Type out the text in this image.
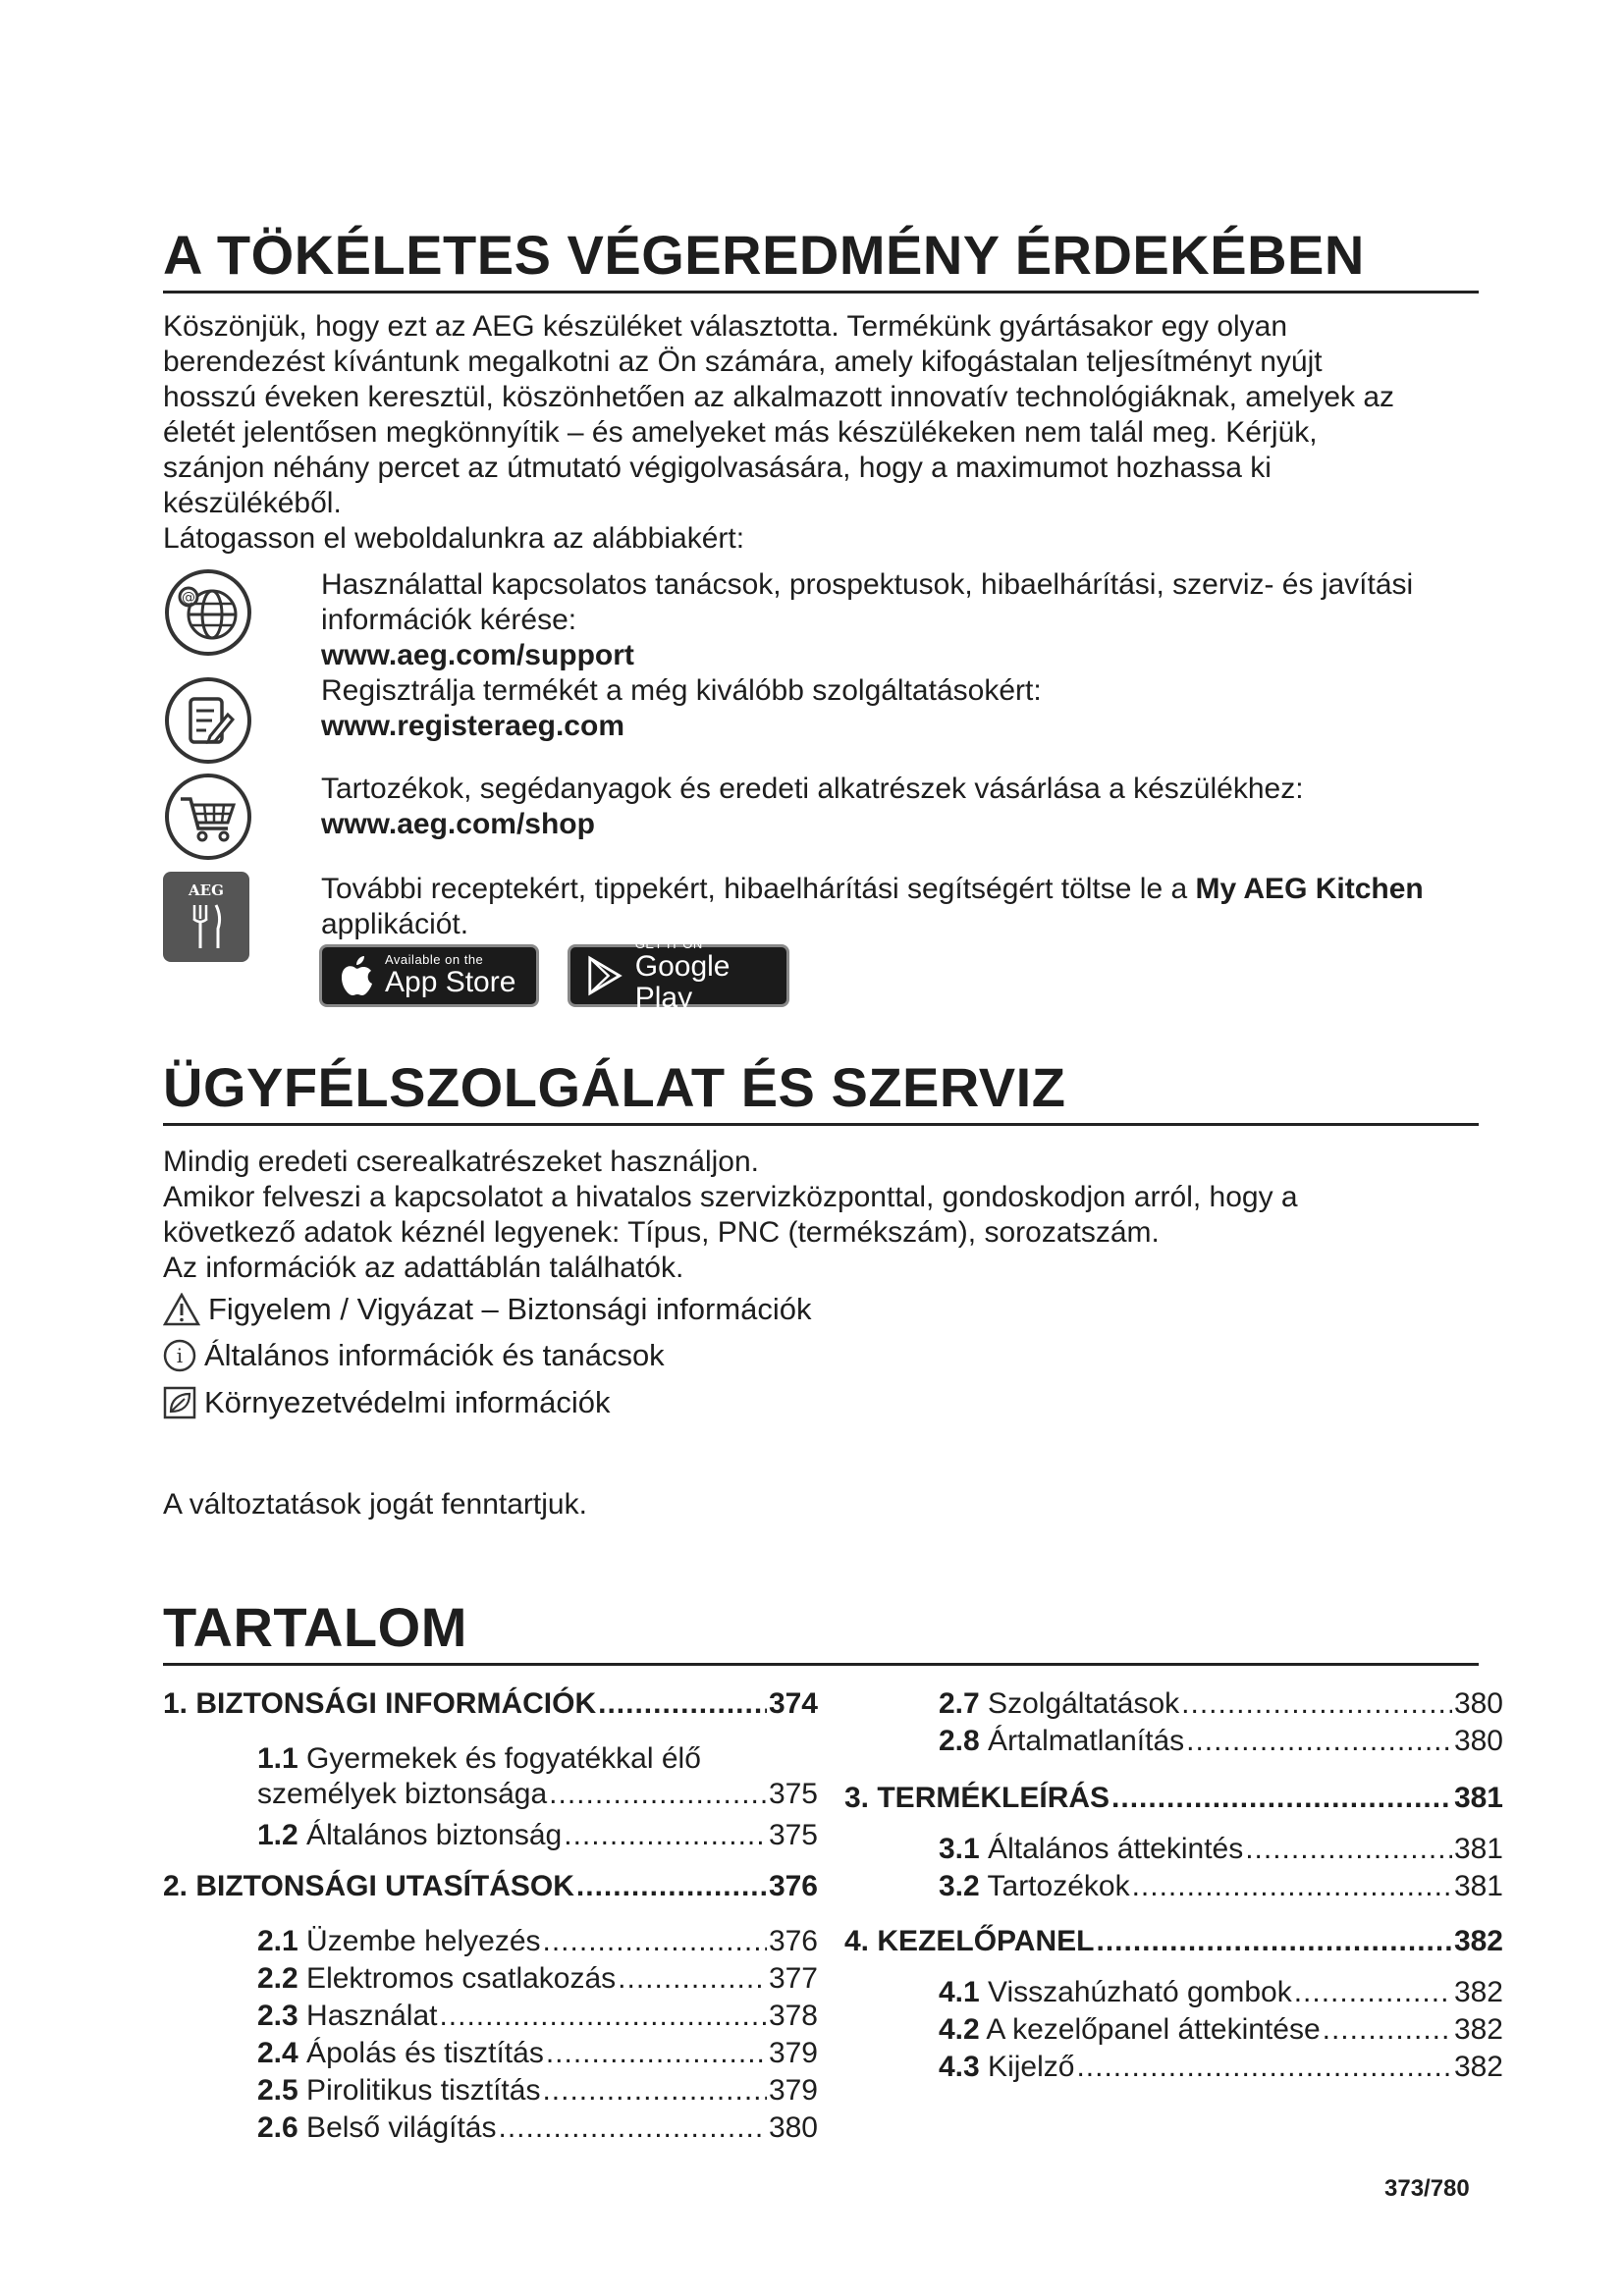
A TÖKÉLETES VÉGEREDMÉNY ÉRDEKÉBEN
Köszönjük, hogy ezt az AEG készüléket választotta. Termékünk gyártásakor egy olyan
berendezést kívántunk megalkotni az Ön számára, amely kifogástalan teljesítményt nyújt
hosszú éveken keresztül, köszönhetően az alkalmazott innovatív technológiáknak, amelyek az
életét jelentősen megkönnyítik – és amelyeket más készülékeken nem talál meg. Kérjük,
szánjon néhány percet az útmutató végigolvasására, hogy a maximumot hozhassa ki
készülékéből.
Látogasson el weboldalunkra az alábbiakért:
@	Használattal kapcsolatos tanácsok, prospektusok, hibaelhárítási, szerviz- és javítási
információk kérése:
www.aeg.com/support
Regisztrálja termékét a még kiválóbb szolgáltatásokért:
www.registeraeg.com
Tartozékok, segédanyagok és eredeti alkatrészek vásárlása a készülékhez:
www.aeg.com/shop
AEG	További receptekért, tippekért, hibaelhárítási segítségért töltse le a My AEG Kitchen
applikációt.
Available on the
App Store
GET IT ON
Google Play
ÜGYFÉLSZOLGÁLAT ÉS SZERVIZ
Mindig eredeti cserealkatrészeket használjon.
Amikor felveszi a kapcsolatot a hivatalos szervizközponttal, gondoskodjon arról, hogy a
következő adatok kéznél legyenek: Típus, PNC (termékszám), sorozatszám.
Az információk az adattáblán találhatók.
Figyelem / Vigyázat – Biztonsági információk
i Általános információk és tanácsok
Környezetvédelmi információk
A változtatások jogát fenntartjuk.
TARTALOM
1. BIZTONSÁGI INFORMÁCIÓK .....	374
1.1 Gyermekek és fogyatékkal élő
személyek biztonsága .....	375
1.2 Általános biztonság .....	375
2. BIZTONSÁGI UTASÍTÁSOK .....	376
2.1 Üzembe helyezés .....	376
2.2 Elektromos csatlakozás .....	377
2.3 Használat .....	378
2.4 Ápolás és tisztítás .....	379
2.5 Pirolitikus tisztítás .....	379
2.6 Belső világítás .....	380
2.7 Szolgáltatások .....	380
2.8 Ártalmatlanítás .....	380
3. TERMÉKLEÍRÁS .....	381
3.1 Általános áttekintés .....	381
3.2 Tartozékok .....	381
4. KEZELŐPANEL .....	382
4.1 Visszahúzható gombok .....	382
4.2 A kezelőpanel áttekintése .....	382
4.3 Kijelző .....	382
373/780
